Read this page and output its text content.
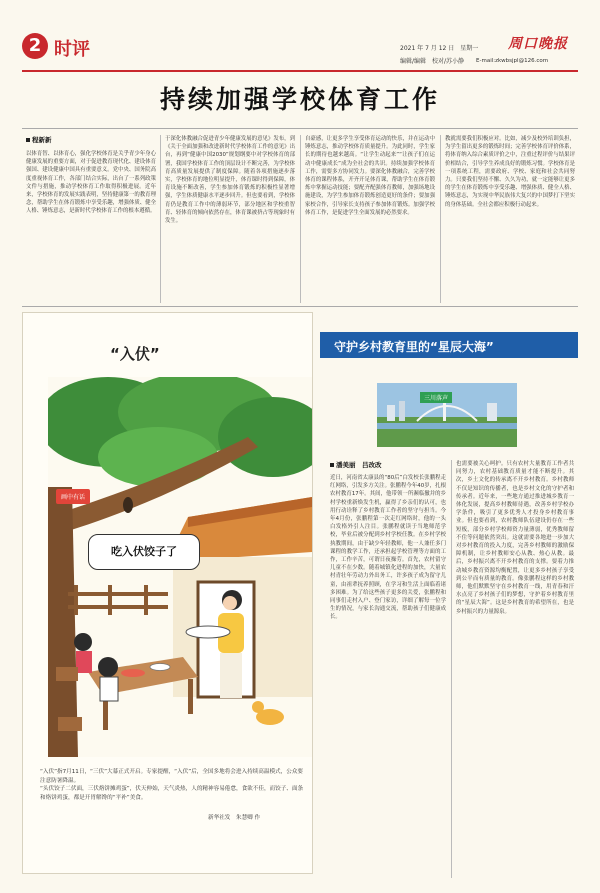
2 时评	2021 年 7 月 12 日　星期一
编辑/编辑　校对/苏小静
周口晚报
E-mail:zkwbsjpl@126.com
持续加强学校体育工作
程新新
以体育智、以体育心，强化学校体育是关乎青少年身心健康发展的重要方面，对于促进教育现代化、建设体育强国、建设健康中国具有重要意义。党中央、国务院高度重视体育工作，各部门结合实际，出台了一系列政策文件与措施，推动学校体育工作取得积极进展。近年来，学校体育的发展实践表明，坚持健康第一的教育理念，帮助学生在体育锻炼中享受乐趣，增强体质、健全人格、锤炼意志，是新时代学校体育工作的根本遵循。
于深化体教融合促进青少年健康发展的意见》发布，到《关于全面加强和改进新时代学校体育工作的意见》出台，再到“健康中国2030”规划纲要中对学校体育的部署，我国学校体育工作的顶层设计不断完善，为学校体育高质量发展提供了制度保障。随着各项措施逐步落实，学校体育的地位明显提升，体育课时得到保障，体育设施不断改善，学生参加体育锻炼的积极性显著增强，学生体质健康水平逐步回升。但也要看到，学校体育仍是教育工作中的薄弱环节，部分地区和学校重智育、轻体育的倾向依然存在，体育课被挤占等现象时有发生。
自豪感，让更多学生享受体育运动的快乐，并在运动中锤炼意志，推动学校体育质量提升。为此同时，学生家长的期待也越来越高。“让学生动起来”“让孩子们在运动中健康成长”成为全社会的共识。持续加强学校体育工作，需要多方协同发力。要深化体教融合，完善学校体育的课程体系，开齐开足体育课，帮助学生在体育锻炼中掌握运动技能；要配齐配强体育教师，加强场地设施建设，为学生参加体育锻炼创造更好的条件；要加强家校合作，引导家长支持孩子参加体育锻炼。加强学校体育工作，是促进学生全面发展的必然要求。
教就需要我们积极应对。比如，减少及校外培训负担，为学生留出更多的锻炼时间；完善学校体育评价体系，将体育纳入综合素质评价之中，注重过程评价与结果评价相结合，引导学生养成良好的锻炼习惯。学校体育是一项系统工程，需要政府、学校、家庭和社会共同努力。只要我们坚持不懈、久久为功，就一定能够让更多的学生在体育锻炼中享受乐趣、增强体质、健全人格、锤炼意志，为实现中华民族伟大复兴的中国梦打下坚实的身体基础。全社会都应积极行动起来。
“入伏”
画中有话
吃入伏饺子了
“入伏”指7月11日，“三伏”大幕正式开启。专家提醒，“入伏”后，全国多地将会进入持续高温模式，公众要注意防暑降温。
“头伏饺子二伏面，三伏烙饼摊鸡蛋”，伏天伸始，天气炎热，人的精神容易倦怠，食欲不佳，而饺子、面条和烙饼鸡蛋，都是开胃解馋的“平补”美食。
新华社发　朱慧卿 作
守护乡村教育里的“星辰大海”
三川落声
潘美丽　吕改改
近日，河南省太康县的“80后”白发校长张鹏程走红网络，引发多方关注。张鹏程今年40岁，扎根农村教育17年。其间，他带领一所濒临撤并的乡村学校重新焕发生机，赢得了乡亲们的认可，也用行动诠释了乡村教育工作者的坚守与担当。今年4月份，张鹏程第一次走红网络时，他的一头白发格外引人注目。张鹏程就读于当地师范学校，毕业后被分配到乡村学校任教。在乡村学校执教期间，由于缺少年轻教师，他一人兼任多门课程的教学工作，还承担起学校管理等方面的工作，工作辛苦，可谓日夜操劳。首先，农村留守儿童不在少数。随着城镇化进程的加快，大量农村青壮年劳动力外出务工，许多孩子成为留守儿童，由祖辈抚养照顾，在学习和生活上面临着诸多困难。为了给这些孩子更多的关爱，张鹏程和同事们走村入户、登门家访，详细了解每一位学生的情况，与家长沟通交流，帮助孩子们健康成长。
也需要被关心呵护。只有农村大量教育工作者共同努力，农村基础教育质量才能不断提升。其次，乡土文化的传承离不开乡村教育。乡村教师不仅是知识的传播者，也是乡村文化的守护者和传承者。近年来，一些地方通过推进城乡教育一体化发展，提高乡村教师待遇，改善乡村学校办学条件，吸引了更多优秀人才投身乡村教育事业。但也要看到，农村教师队伍建设仍存在一些短板，部分乡村学校师资力量薄弱，优秀教师留不住等问题依然突出。这就需要各地进一步加大对乡村教育的投入力度，完善乡村教师的激励保障机制，让乡村教师安心从教、热心从教。最后，乡村振兴离不开乡村教育的支撑。要着力推动城乡教育资源均衡配置，让更多乡村孩子享受到公平而有质量的教育。像张鹏程这样的乡村教师，他们默默坚守在乡村教育一线，用青春和汗水点亮了乡村孩子们的梦想，守护着乡村教育里的“星辰大海”。这是乡村教育的希望所在，也是乡村振兴的力量源泉。
